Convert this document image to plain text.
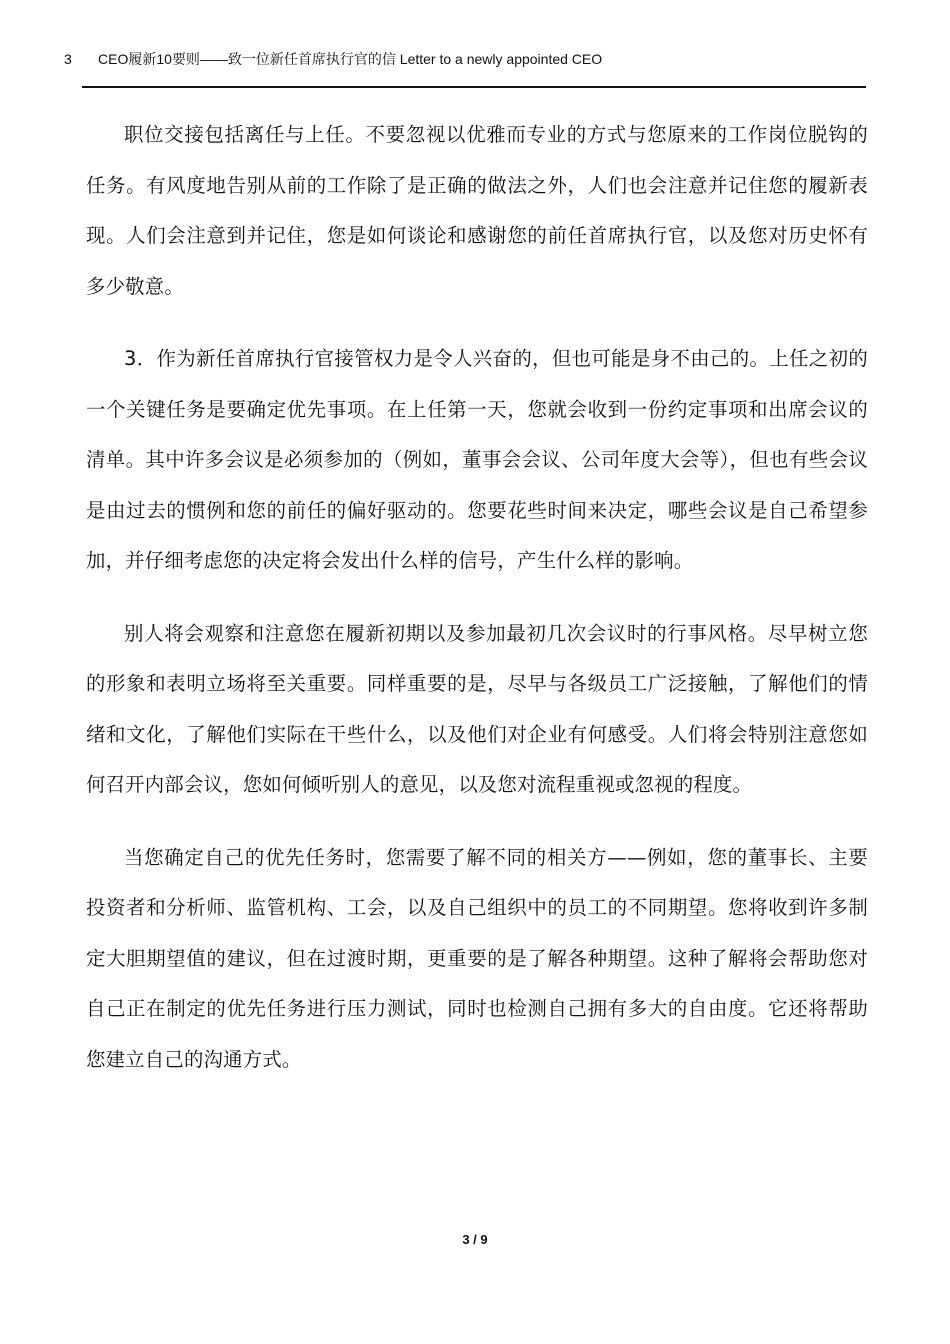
3 CEO履新10要则——致一位新任首席执行官的信 Letter to a newly appointed CEO

职位交接包括离任与上任。不要忽视以优雅而专业的方式与您原来的工作岗位脱钩的任务。有风度地告别从前的工作除了是正确的做法之外，人们也会注意并记住您的履新表现。人们会注意到并记住，您是如何谈论和感谢您的前任首席执行官，以及您对历史怀有多少敬意。

3．作为新任首席执行官接管权力是令人兴奋的，但也可能是身不由己的。上任之初的一个关键任务是要确定优先事项。在上任第一天，您就会收到一份约定事项和出席会议的清单。其中许多会议是必须参加的（例如，董事会会议、公司年度大会等），但也有些会议是由过去的惯例和您的前任的偏好驱动的。您要花些时间来决定，哪些会议是自己希望参加，并仔细考虑您的决定将会发出什么样的信号，产生什么样的影响。

别人将会观察和注意您在履新初期以及参加最初几次会议时的行事风格。尽早树立您的形象和表明立场将至关重要。同样重要的是，尽早与各级员工广泛接触，了解他们的情绪和文化，了解他们实际在干些什么，以及他们对企业有何感受。人们将会特别注意您如何召开内部会议，您如何倾听别人的意见，以及您对流程重视或忽视的程度。

当您确定自己的优先任务时，您需要了解不同的相关方——例如，您的董事长、主要投资者和分析师、监管机构、工会，以及自己组织中的员工的不同期望。您将收到许多制定大胆期望值的建议，但在过渡时期，更重要的是了解各种期望。这种了解将会帮助您对自己正在制定的优先任务进行压力测试，同时也检测自己拥有多大的自由度。它还将帮助您建立自己的沟通方式。

3 / 9
